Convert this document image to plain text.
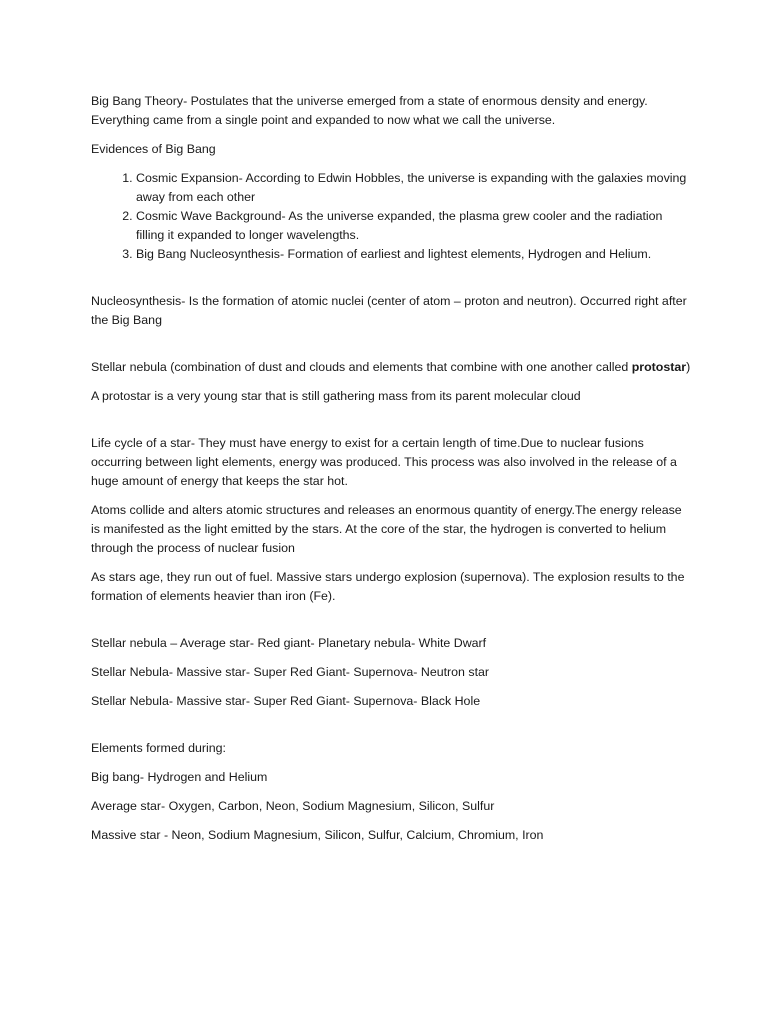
Big Bang Theory- Postulates that the universe emerged from a state of enormous density and energy. Everything came from a single point and expanded to now what we call the universe.

Evidences of Big Bang

1. Cosmic Expansion- According to Edwin Hobbles, the universe is expanding with the galaxies moving away from each other
2. Cosmic Wave Background- As the universe expanded, the plasma grew cooler and the radiation filling it expanded to longer wavelengths.
3. Big Bang Nucleosynthesis- Formation of earliest and lightest elements, Hydrogen and Helium.

Nucleosynthesis- Is the formation of atomic nuclei (center of atom – proton and neutron). Occurred right after the Big Bang

Stellar nebula (combination of dust and clouds and elements that combine with one another called protostar)

A protostar is a very young star that is still gathering mass from its parent molecular cloud

Life cycle of a star- They must have energy to exist for a certain length of time.Due to nuclear fusions occurring between light elements, energy was produced. This process was also involved in the release of a huge amount of energy that keeps the star hot.

Atoms collide and alters atomic structures and releases an enormous quantity of energy.The energy release is manifested as the light emitted by the stars. At the core of the star, the hydrogen is converted to helium through the process of nuclear fusion

As stars age, they run out of fuel. Massive stars undergo explosion (supernova). The explosion results to the formation of elements heavier than iron (Fe).

Stellar nebula – Average star- Red giant- Planetary nebula- White Dwarf

Stellar Nebula- Massive star- Super Red Giant- Supernova- Neutron star

Stellar Nebula- Massive star- Super Red Giant- Supernova- Black Hole

Elements formed during:

Big bang- Hydrogen and Helium

Average star- Oxygen, Carbon, Neon, Sodium Magnesium, Silicon, Sulfur

Massive star - Neon, Sodium Magnesium, Silicon, Sulfur, Calcium, Chromium, Iron
